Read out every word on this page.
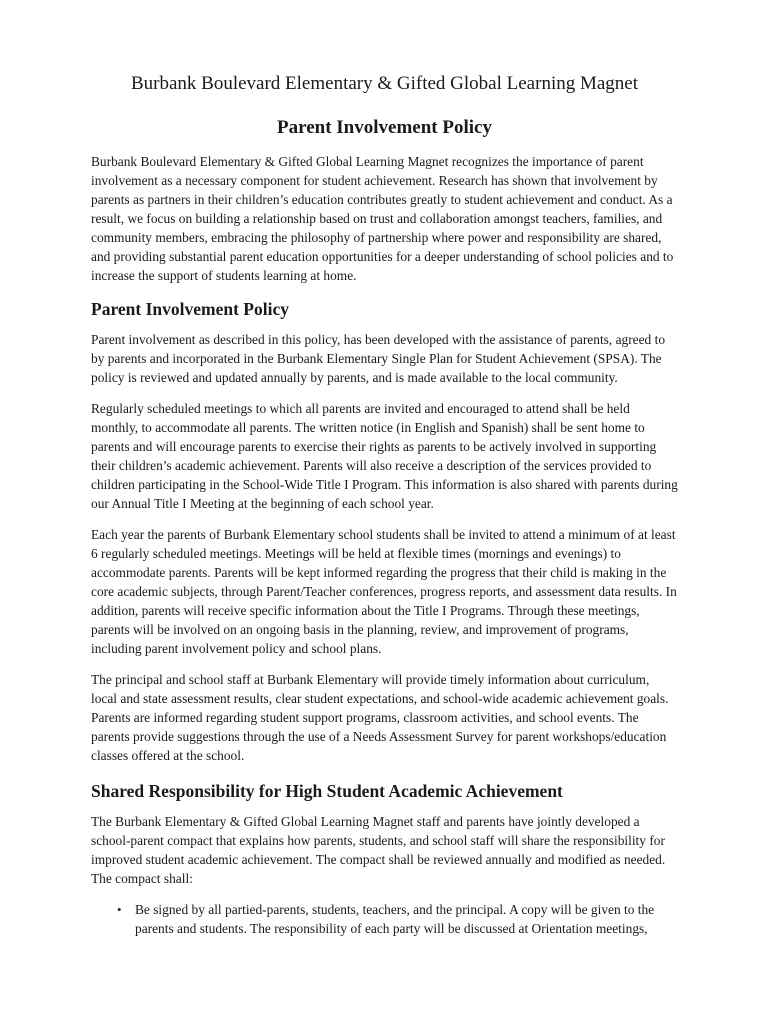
Burbank Boulevard Elementary & Gifted Global Learning Magnet
Parent Involvement Policy

Burbank Boulevard Elementary & Gifted Global Learning Magnet recognizes the importance of parent involvement as a necessary component for student achievement. Research has shown that involvement by parents as partners in their children’s education contributes greatly to student achievement and conduct. As a result, we focus on building a relationship based on trust and collaboration amongst teachers, families, and community members, embracing the philosophy of partnership where power and responsibility are shared, and providing substantial parent education opportunities for a deeper understanding of school policies and to increase the support of students learning at home.

Parent Involvement Policy

Parent involvement as described in this policy, has been developed with the assistance of parents, agreed to by parents and incorporated in the Burbank Elementary Single Plan for Student Achievement (SPSA). The policy is reviewed and updated annually by parents, and is made available to the local community.

Regularly scheduled meetings to which all parents are invited and encouraged to attend shall be held monthly, to accommodate all parents. The written notice (in English and Spanish) shall be sent home to parents and will encourage parents to exercise their rights as parents to be actively involved in supporting their children’s academic achievement. Parents will also receive a description of the services provided to children participating in the School-Wide Title I Program. This information is also shared with parents during our Annual Title I Meeting at the beginning of each school year.

Each year the parents of Burbank Elementary school students shall be invited to attend a minimum of at least 6 regularly scheduled meetings. Meetings will be held at flexible times (mornings and evenings) to accommodate parents. Parents will be kept informed regarding the progress that their child is making in the core academic subjects, through Parent/Teacher conferences, progress reports, and assessment data results. In addition, parents will receive specific information about the Title I Programs. Through these meetings, parents will be involved on an ongoing basis in the planning, review, and improvement of programs, including parent involvement policy and school plans.

The principal and school staff at Burbank Elementary will provide timely information about curriculum, local and state assessment results, clear student expectations, and school-wide academic achievement goals. Parents are informed regarding student support programs, classroom activities, and school events. The parents provide suggestions through the use of a Needs Assessment Survey for parent workshops/education classes offered at the school.

Shared Responsibility for High Student Academic Achievement

The Burbank Elementary & Gifted Global Learning Magnet staff and parents have jointly developed a school-parent compact that explains how parents, students, and school staff will share the responsibility for improved student academic achievement. The compact shall be reviewed annually and modified as needed. The compact shall:

• Be signed by all partied-parents, students, teachers, and the principal. A copy will be given to the parents and students. The responsibility of each party will be discussed at Orientation meetings,
